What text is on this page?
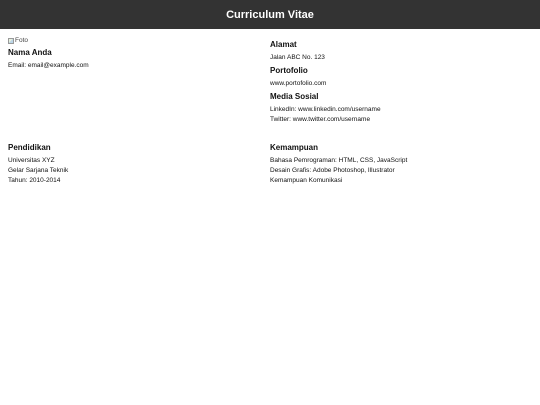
Curriculum Vitae
Foto

Nama Anda

Email: email@example.com

Alamat

Jalan ABC No. 123

Portofolio

www.portofolio.com

Media Sosial

LinkedIn: www.linkedin.com/username

Twitter: www.twitter.com/username

Pendidikan

Universitas XYZ

Gelar Sarjana Teknik

Tahun: 2010-2014

Kemampuan

Bahasa Pemrograman: HTML, CSS, JavaScript

Desain Grafis: Adobe Photoshop, Illustrator

Kemampuan Komunikasi
